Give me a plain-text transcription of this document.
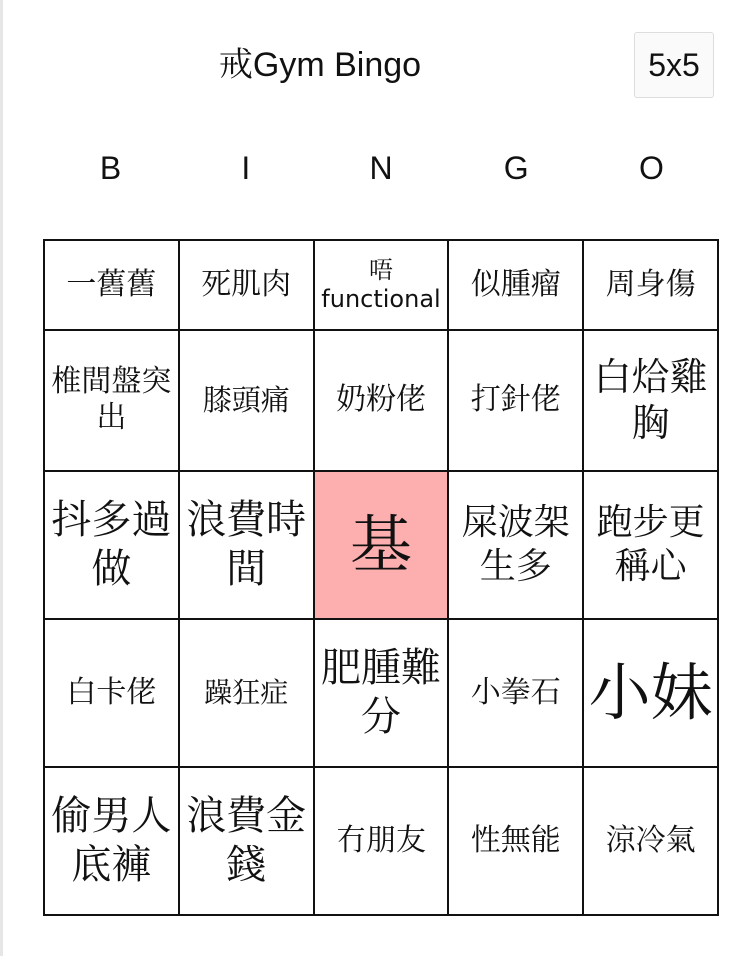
戒Gym Bingo	5x5
B	I	N	G	O
一舊舊	死肌肉	唔 functional	似腫瘤	周身傷
椎間盤突出	膝頭痛	奶粉佬	打針佬	白烚雞胸
抖多過做	浪費時間	基	屎波架生多	跑步更稱心
白卡佬	躁狂症	肥腫難分	小拳石	小妹
偷男人底褲	浪費金錢	冇朋友	性無能	涼冷氣
